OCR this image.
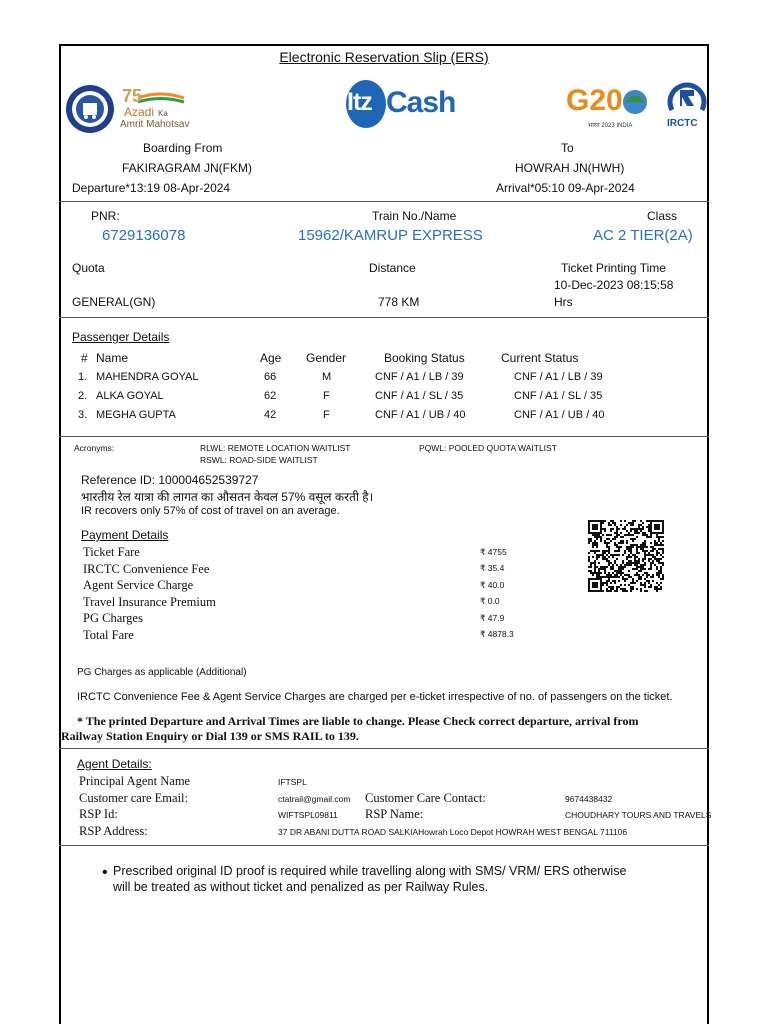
Electronic Reservation Slip (ERS)
75
Azadi Ka
Amrit Mahotsav
Itz Cash	G20
भारत 2023 INDIA	IRCTC
Boarding From	To
FAKIRAGRAM JN(FKM)	HOWRAH JN(HWH)
Departure*13:19 08-Apr-2024	Arrival*05:10 09-Apr-2024
PNR:	Train No./Name	Class
6729136078	15962/KAMRUP EXPRESS	AC 2 TIER(2A)
Quota	Distance	Ticket Printing Time
10-Dec-2023 08:15:58
GENERAL(GN)	778 KM	Hrs
Passenger Details
# Name	Age Gender	Booking Status	Current Status
1. MAHENDRA GOYAL	66	M	CNF / A1 / LB / 39	CNF / A1 / LB / 39
2. ALKA GOYAL	62	F	CNF / A1 / SL / 35	CNF / A1 / SL / 35
3. MEGHA GUPTA	42	F	CNF / A1 / UB / 40	CNF / A1 / UB / 40
Acronyms:	RLWL: REMOTE LOCATION WAITLIST
RSWL: ROAD-SIDE WAITLIST
PQWL: POOLED QUOTA WAITLIST
Reference ID: 100004652539727
भारतीय रेल यात्रा की लागत का औसतन केवल 57% वसूल करती है।
IR recovers only 57% of cost of travel on an average.
Payment Details
Ticket Fare	₹ 4755
IRCTC Convenience Fee	₹ 35.4
Agent Service Charge	₹ 40.0
Travel Insurance Premium	₹ 0.0
PG Charges	₹ 47.9
Total Fare	₹ 4878.3
PG Charges as applicable (Additional)
IRCTC Convenience Fee & Agent Service Charges are charged per e-ticket irrespective of no. of passengers on the ticket.
* The printed Departure and Arrival Times are liable to change. Please Check correct departure, arrival from
Railway Station Enquiry or Dial 139 or SMS RAIL to 139.
Agent Details:
Principal Agent Name	IFTSPL
Customer care Email:	ctatrail@gmail.com Customer Care Contact:	9674438432
RSP Id:	WIFTSPL09811 RSP Name:	CHOUDHARY TOURS AND TRAVELS
RSP Address:	37 DR ABANI DUTTA ROAD SALKIAHowrah Loco Depot HOWRAH WEST BENGAL 711106
• Prescribed original ID proof is required while travelling along with SMS/ VRM/ ERS otherwise
will be treated as without ticket and penalized as per Railway Rules.
